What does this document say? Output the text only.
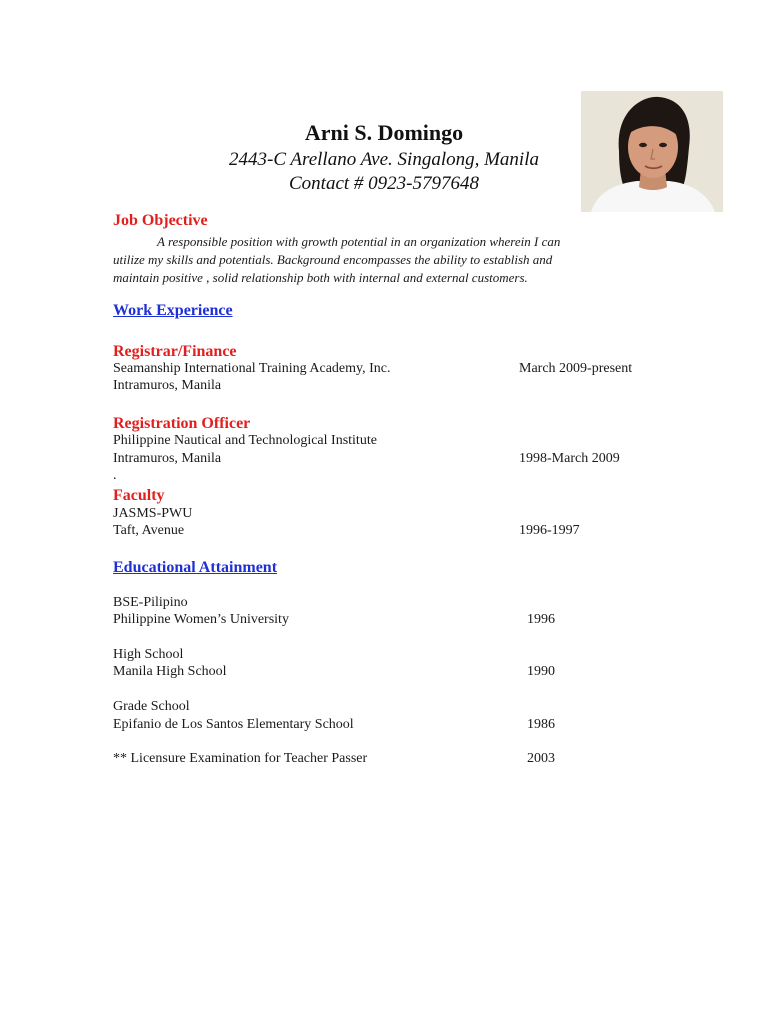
Arni S. Domingo
2443-C Arellano Ave. Singalong, Manila
Contact # 0923-5797648
Job Objective
A responsible position with growth potential in an organization wherein I can
utilize my skills and potentials. Background encompasses the ability to establish and
maintain positive , solid relationship both with internal and external customers.
Work Experience
Registrar/Finance
Seamanship International Training Academy, Inc.	March 2009-present
Intramuros, Manila
Registration Officer
Philippine Nautical and Technological Institute
Intramuros, Manila	1998-March 2009
.
Faculty
JASMS-PWU
Taft, Avenue	1996-1997
Educational Attainment
BSE-Pilipino
Philippine Women’s University	1996
High School
Manila High School	1990
Grade School
Epifanio de Los Santos Elementary School	1986
** Licensure Examination for Teacher Passer	2003
